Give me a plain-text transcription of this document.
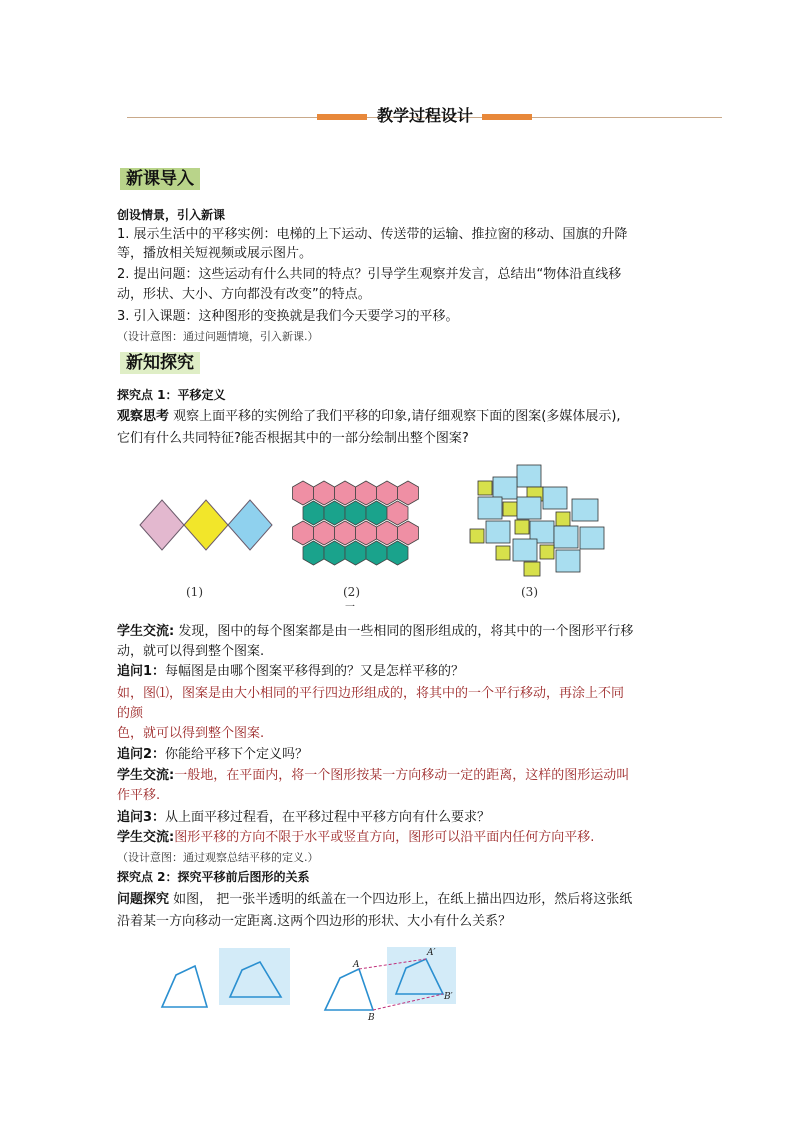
教学过程设计
新课导入
创设情景，引入新课
1. 展示生活中的平移实例：电梯的上下运动、传送带的运输、推拉窗的移动、国旗的升降
等，播放相关短视频或展示图片。
2. 提出问题：这些运动有什么共同的特点？引导学生观察并发言，总结出“物体沿直线移
动，形状、大小、方向都没有改变”的特点。
3. 引入课题：这种图形的变换就是我们今天要学习的平移。
（设计意图：通过问题情境，引入新课.）
新知探究
探究点 1：平移定义
观察思考 观察上面平移的实例给了我们平移的印象,请仔细观察下面的图案(多媒体展示),
它们有什么共同特征?能否根据其中的一部分绘制出整个图案?
(1)	(2)	(3)
一
学生交流: 发现，图中的每个图案都是由一些相同的图形组成的，将其中的一个图形平行移
动，就可以得到整个图案.
追问1：每幅图是由哪个图案平移得到的？又是怎样平移的？
如，图⑴，图案是由大小相同的平行四边形组成的，将其中的一个平行移动，再涂上不同
的颜
色，就可以得到整个图案.
追问2：你能给平移下个定义吗？
学生交流:一般地，在平面内，将一个图形按某一方向移动一定的距离，这样的图形运动叫
作平移.
追问3：从上面平移过程看，在平移过程中平移方向有什么要求？
学生交流:图形平移的方向不限于水平或竖直方向，图形可以沿平面内任何方向平移.
（设计意图：通过观察总结平移的定义.）
探究点 2：探究平移前后图形的关系
问题探究 如图， 把一张半透明的纸盖在一个四边形上，在纸上描出四边形，然后将这张纸
沿着某一方向移动一定距离.这两个四边形的形状、大小有什么关系？
A
B
A′
B′
